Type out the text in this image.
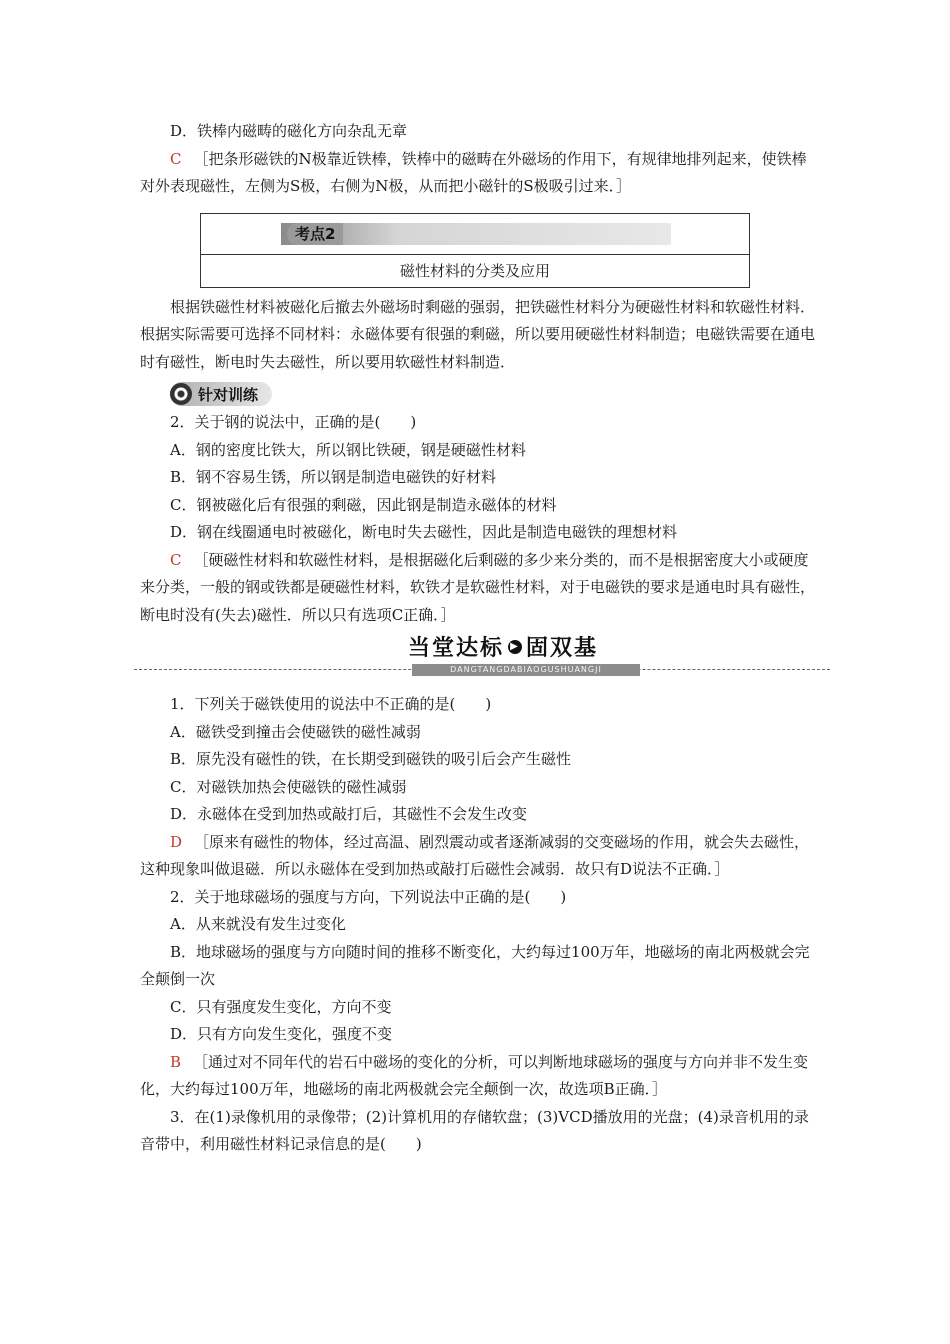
D．铁棒内磁畴的磁化方向杂乱无章

C ［把条形磁铁的N极靠近铁棒，铁棒中的磁畴在外磁场的作用下，有规律地排列起来，使铁棒对外表现磁性，左侧为S极，右侧为N极，从而把小磁针的S极吸引过来．］

考点2
磁性材料的分类及应用

根据铁磁性材料被磁化后撤去外磁场时剩磁的强弱，把铁磁性材料分为硬磁性材料和软磁性材料．根据实际需要可选择不同材料：永磁体要有很强的剩磁，所以要用硬磁性材料制造；电磁铁需要在通电时有磁性，断电时失去磁性，所以要用软磁性材料制造．

针对训练

2．关于钢的说法中，正确的是(　　)

A．钢的密度比铁大，所以钢比铁硬，钢是硬磁性材料

B．钢不容易生锈，所以钢是制造电磁铁的好材料

C．钢被磁化后有很强的剩磁，因此钢是制造永磁体的材料

D．钢在线圈通电时被磁化，断电时失去磁性，因此是制造电磁铁的理想材料

C ［硬磁性材料和软磁性材料，是根据磁化后剩磁的多少来分类的，而不是根据密度大小或硬度来分类，一般的钢或铁都是硬磁性材料，软铁才是软磁性材料，对于电磁铁的要求是通电时具有磁性，断电时没有(失去)磁性．所以只有选项C正确．］

当堂达标 ▶ 固双基
DANGTANGDABIAOGUSHUANGJI

1．下列关于磁铁使用的说法中不正确的是(　　)

A．磁铁受到撞击会使磁铁的磁性减弱

B．原先没有磁性的铁，在长期受到磁铁的吸引后会产生磁性

C．对磁铁加热会使磁铁的磁性减弱

D．永磁体在受到加热或敲打后，其磁性不会发生改变

D ［原来有磁性的物体，经过高温、剧烈震动或者逐渐减弱的交变磁场的作用，就会失去磁性，这种现象叫做退磁．所以永磁体在受到加热或敲打后磁性会减弱．故只有D说法不正确．］

2．关于地球磁场的强度与方向，下列说法中正确的是(　　)

A．从来就没有发生过变化

B．地球磁场的强度与方向随时间的推移不断变化，大约每过100万年，地磁场的南北两极就会完全颠倒一次

C．只有强度发生变化，方向不变

D．只有方向发生变化，强度不变

B ［通过对不同年代的岩石中磁场的变化的分析，可以判断地球磁场的强度与方向并非不发生变化，大约每过100万年，地磁场的南北两极就会完全颠倒一次，故选项B正确．］

3．在(1)录像机用的录像带；(2)计算机用的存储软盘；(3)VCD播放用的光盘；(4)录音机用的录音带中，利用磁性材料记录信息的是(　　)
